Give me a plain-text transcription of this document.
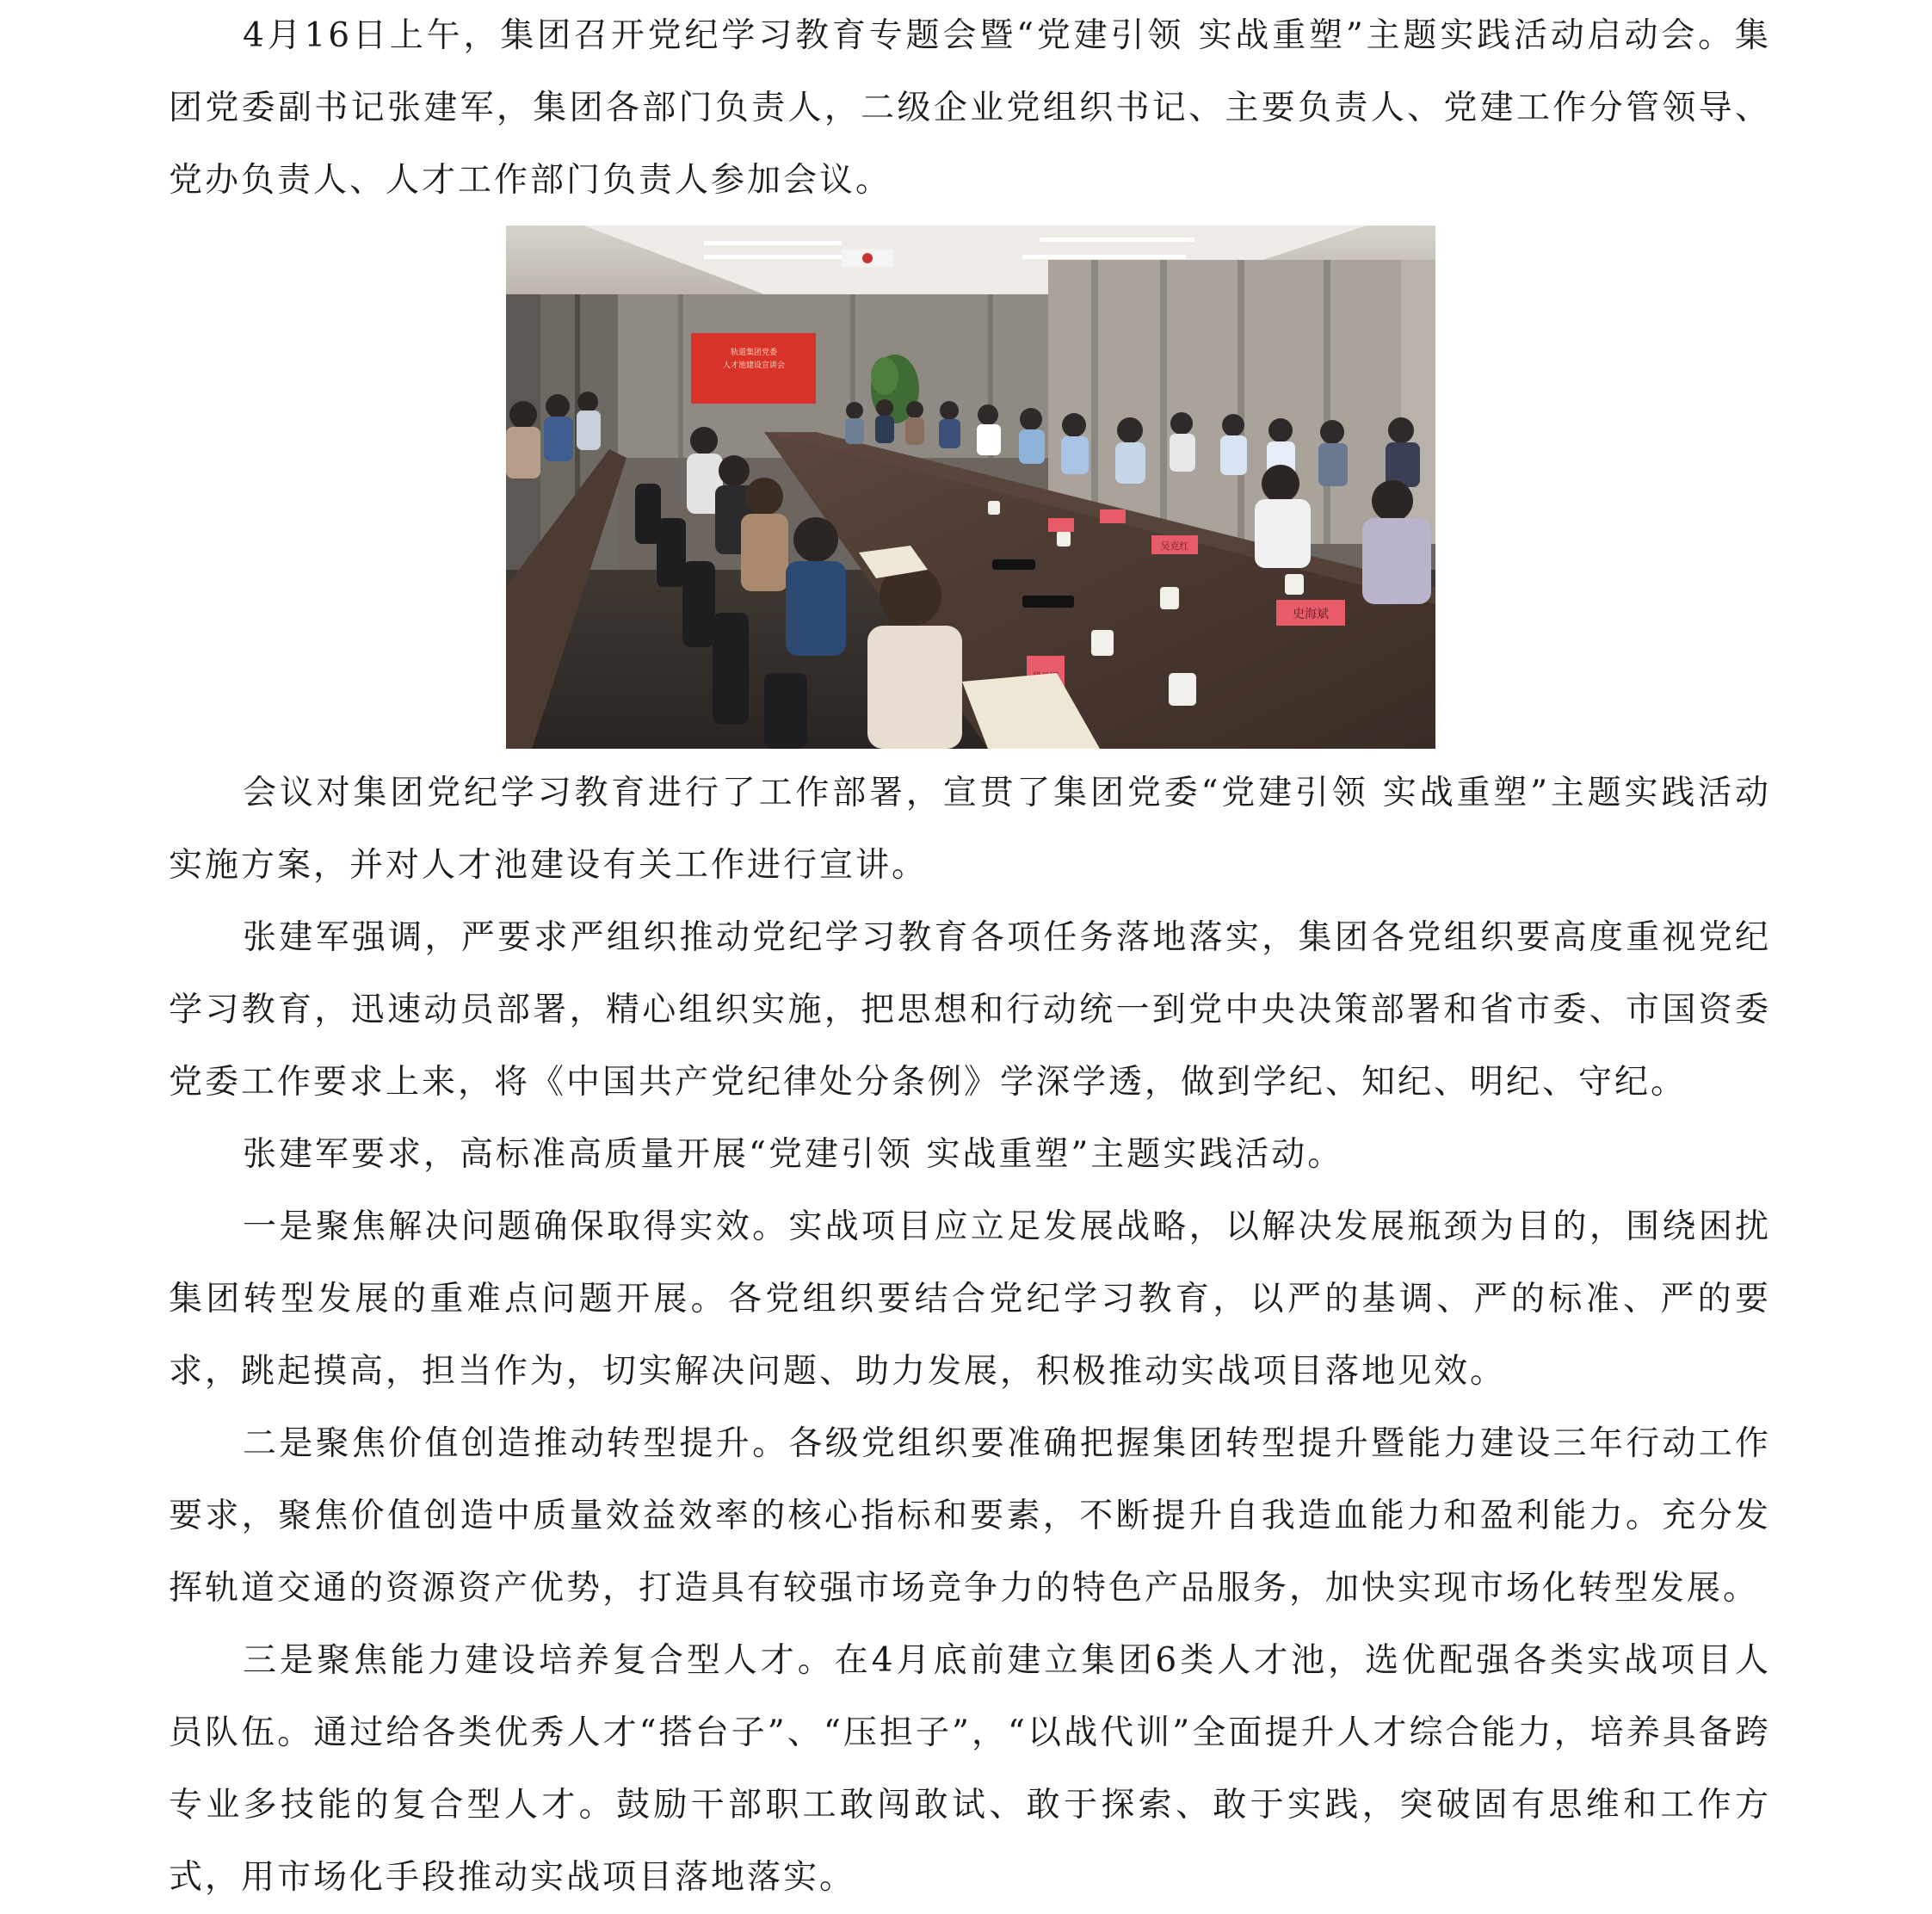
4月16日上午，集团召开党纪学习教育专题会暨“党建引领 实战重塑”主题实践活动启动会。集团党委副书记张建军，集团各部门负责人，二级企业党组织书记、主要负责人、党建工作分管领导、党办负责人、人才工作部门负责人参加会议。

轨道集团党委
人才池建设宣讲会
史海斌
吴克红

会议对集团党纪学习教育进行了工作部署，宣贯了集团党委“党建引领 实战重塑”主题实践活动实施方案，并对人才池建设有关工作进行宣讲。

张建军强调，严要求严组织推动党纪学习教育各项任务落地落实，集团各党组织要高度重视党纪学习教育，迅速动员部署，精心组织实施，把思想和行动统一到党中央决策部署和省市委、市国资委党委工作要求上来，将《中国共产党纪律处分条例》学深学透，做到学纪、知纪、明纪、守纪。

张建军要求，高标准高质量开展“党建引领 实战重塑”主题实践活动。

一是聚焦解决问题确保取得实效。实战项目应立足发展战略，以解决发展瓶颈为目的，围绕困扰集团转型发展的重难点问题开展。各党组织要结合党纪学习教育，以严的基调、严的标准、严的要求，跳起摸高，担当作为，切实解决问题、助力发展，积极推动实战项目落地见效。

二是聚焦价值创造推动转型提升。各级党组织要准确把握集团转型提升暨能力建设三年行动工作要求，聚焦价值创造中质量效益效率的核心指标和要素，不断提升自我造血能力和盈利能力。充分发挥轨道交通的资源资产优势，打造具有较强市场竞争力的特色产品服务，加快实现市场化转型发展。

三是聚焦能力建设培养复合型人才。在4月底前建立集团6类人才池，选优配强各类实战项目人员队伍。通过给各类优秀人才“搭台子”、“压担子”，“以战代训”全面提升人才综合能力，培养具备跨专业多技能的复合型人才。鼓励干部职工敢闯敢试、敢于探索、敢于实践，突破固有思维和工作方式，用市场化手段推动实战项目落地落实。
